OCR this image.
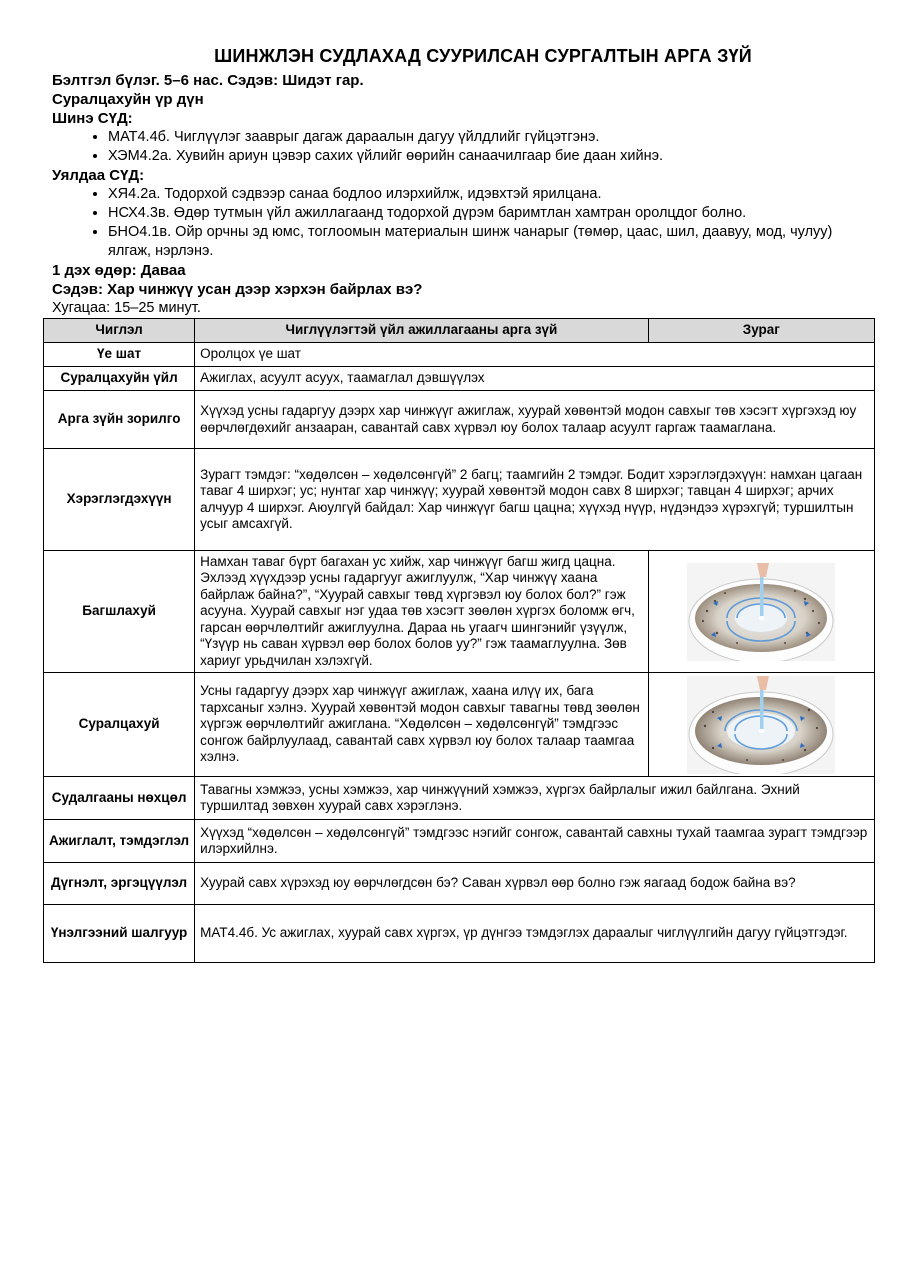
ШИНЖЛЭН СУДЛАХАД СУУРИЛСАН СУРГАЛТЫН АРГА ЗҮЙ

Бэлтгэл бүлэг. 5–6 нас. Сэдэв: Шидэт гар.

Суралцахуйн үр дүн

Шинэ СҮД:

• МАТ4.4б. Чиглүүлэг зааврыг дагаж дараалын дагуу үйлдлийг гүйцэтгэнэ.
• ХЭМ4.2а. Хувийн ариун цэвэр сахих үйлийг өөрийн санаачилгаар бие даан хийнэ.

Уялдаа СҮД:

• ХЯ4.2а. Тодорхой сэдвээр санаа бодлоо илэрхийлж, идэвхтэй ярилцана.
• НСХ4.3в. Өдөр тутмын үйл ажиллагаанд тодорхой дүрэм баримтлан хамтран оролцдог болно.
• БНО4.1в. Ойр орчны эд юмс, тоглоомын материалын шинж чанарыг (төмөр, цаас, шил, даавуу, мод, чулуу) ялгаж, нэрлэнэ.

1 дэх өдөр: Даваа

Сэдэв: Хар чинжүү усан дээр хэрхэн байрлах вэ?

Хугацаа: 15–25 минут.

Чиглэл	Чиглүүлэгтэй үйл ажиллагааны арга зүй	Зураг
Үе шат	Оролцох үе шат	
Суралцахуйн үйл	Ажиглах, асуулт асуух, таамаглал дэвшүүлэх	
Арга зүйн зорилго	Хүүхэд усны гадаргуу дээрх хар чинжүүг ажиглаж, хуурай хөвөнтэй модон савхыг төв хэсэгт хүргэхэд юу өөрчлөгдөхийг анзааран, савантай савх хүрвэл юу болох талаар асуулт гаргаж таамагланa.	
Хэрэглэгдэхүүн	Зурагт тэмдэг: “хөдөлсөн – хөдөлсөнгүй” 2 багц; таамгийн 2 тэмдэг. Бодит хэрэглэгдэхүүн: намхан цагаан таваг 4 ширхэг; ус; нунтаг хар чинжүү; хуурай хөвөнтэй модон савх 8 ширхэг; тавцан 4 ширхэг; арчих алчуур 4 ширхэг. Аюулгүй байдал: Хар чинжүүг багш цацна; хүүхэд нүүр, нүдэндээ хүрэхгүй; туршилтын усыг амсахгүй.	
Багшлахуй	Намхан таваг бүрт багахан ус хийж, хар чинжүүг багш жигд цацна. Эхлээд хүүхдээр усны гадаргууг ажиглуулж, “Хар чинжүү хаана байрлаж байна?”, “Хуурай савхыг төвд хүргэвэл юу болох бол?” гэж асууна. Хуурай савхыг нэг удаа төв хэсэгт зөөлөн хүргэх боломж өгч, гарсан өөрчлөлтийг ажиглуулна. Дараа нь угаагч шингэнийг үзүүлж, “Үзүүр нь саван хүрвэл өөр болох болов уу?” гэж таамаглуулна. Зөв хариуг урьдчилан хэлэхгүй.	

Суралцахуй	Усны гадаргуу дээрх хар чинжүүг ажиглаж, хаана илүү их, бага тархсаныг хэлнэ. Хуурай хөвөнтэй модон савхыг тавагны төвд зөөлөн хүргэж өөрчлөлтийг ажиглана. “Хөдөлсөн – хөдөлсөнгүй” тэмдгээс сонгож байрлуулаад, савантай савх хүрвэл юу болох талаар таамгаа хэлнэ.	

Судалгааны нөхцөл	Тавагны хэмжээ, усны хэмжээ, хар чинжүүний хэмжээ, хүргэх байрлалыг ижил байлгана. Эхний туршилтад зөвхөн хуурай савх хэрэглэнэ.	
Ажиглалт, тэмдэглэл	Хүүхэд “хөдөлсөн – хөдөлсөнгүй” тэмдгээс нэгийг сонгож, савантай савхны тухай таамгаа зурагт тэмдгээр илэрхийлнэ.	
Дүгнэлт, эргэцүүлэл	Хуурай савх хүрэхэд юу өөрчлөгдсөн бэ? Саван хүрвэл өөр болно гэж яагаад бодож байна вэ?	
Үнэлгээний шалгуур	МАТ4.4б. Ус ажиглах, хуурай савх хүргэх, үр дүнгээ тэмдэглэх дараалыг чиглүүлгийн дагуу гүйцэтгэдэг.	
